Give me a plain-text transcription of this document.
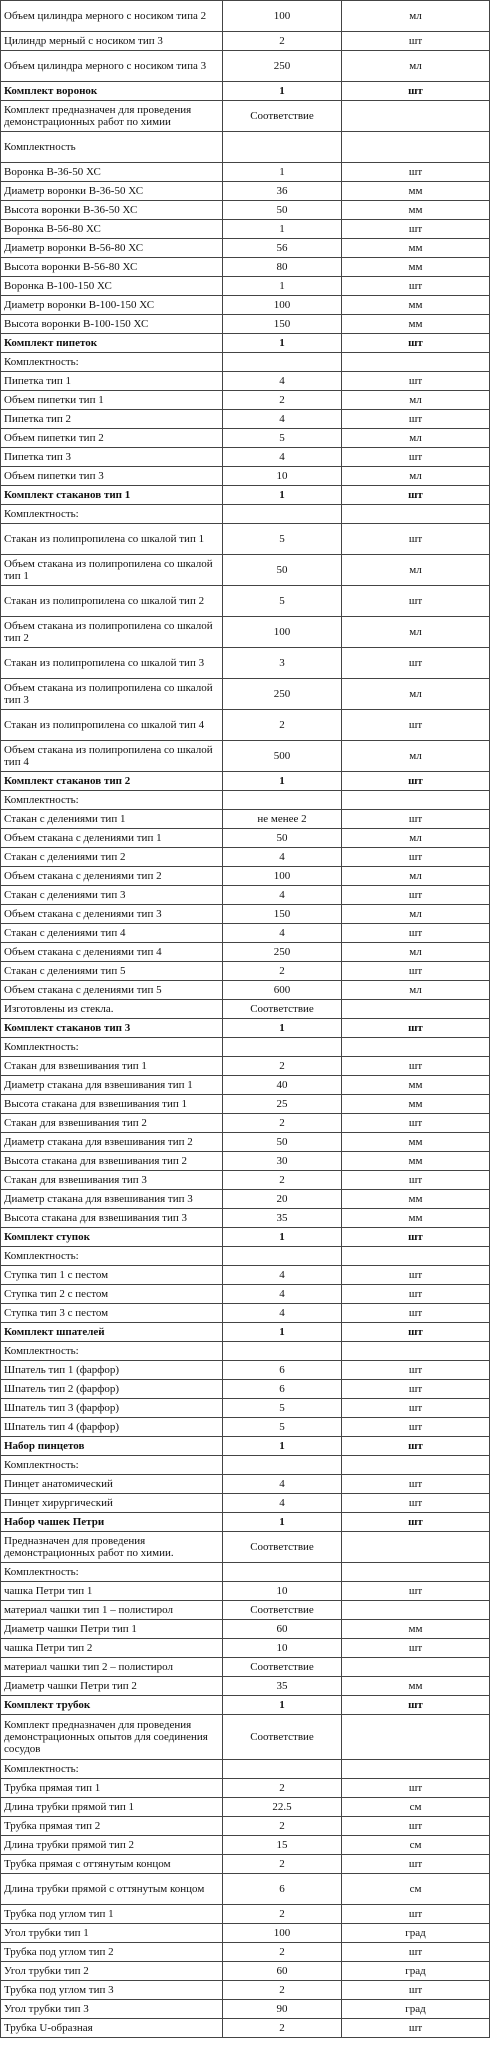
Объем цилиндра мерного с носиком типа 2	100	мл
Цилиндр мерный с носиком тип 3	2	шт
Объем цилиндра мерного с носиком типа 3	250	мл
Комплект воронок	1	шт
Комплект предназначен для проведения демонстрационных работ по химии	Соответствие	
Комплектность		
Воронка В-36-50 ХС	1	шт
Диаметр воронки В-36-50 ХС	36	мм
Высота воронки В-36-50 ХС	50	мм
Воронка В-56-80 ХС	1	шт
Диаметр воронки В-56-80 ХС	56	мм
Высота воронки В-56-80 ХС	80	мм
Воронка В-100-150 ХС	1	шт
Диаметр воронки В-100-150 ХС	100	мм
Высота воронки В-100-150 ХС	150	мм
Комплект пипеток	1	шт
Комплектность:		
Пипетка тип 1	4	шт
Объем пипетки тип 1	2	мл
Пипетка тип 2	4	шт
Объем пипетки тип 2	5	мл
Пипетка тип 3	4	шт
Объем пипетки тип 3	10	мл
Комплект стаканов тип 1	1	шт
Комплектность:		
Стакан из полипропилена со шкалой тип 1	5	шт
Объем стакана из полипропилена со шкалой тип 1	50	мл
Стакан из полипропилена со шкалой тип 2	5	шт
Объем стакана из полипропилена со шкалой тип 2	100	мл
Стакан из полипропилена со шкалой тип 3	3	шт
Объем стакана из полипропилена со шкалой тип 3	250	мл
Стакан из полипропилена со шкалой тип 4	2	шт
Объем стакана из полипропилена со шкалой тип 4	500	мл
Комплект стаканов тип 2	1	шт
Комплектность:		
Стакан с делениями тип 1	не менее 2	шт
Объем стакана с делениями тип 1	50	мл
Стакан с делениями тип 2	4	шт
Объем стакана с делениями тип 2	100	мл
Стакан с делениями тип 3	4	шт
Объем стакана с делениями тип 3	150	мл
Стакан с делениями тип 4	4	шт
Объем стакана с делениями тип 4	250	мл
Стакан с делениями тип 5	2	шт
Объем стакана с делениями тип 5	600	мл
Изготовлены из стекла.	Соответствие	
Комплект стаканов тип 3	1	шт
Комплектность:		
Стакан для взвешивания тип 1	2	шт
Диаметр стакана для взвешивания тип 1	40	мм
Высота стакана для взвешивания тип 1	25	мм
Стакан для взвешивания тип 2	2	шт
Диаметр стакана для взвешивания тип 2	50	мм
Высота стакана для взвешивания тип 2	30	мм
Стакан для взвешивания тип 3	2	шт
Диаметр стакана для взвешивания тип 3	20	мм
Высота стакана для взвешивания тип 3	35	мм
Комплект ступок	1	шт
Комплектность:		
Ступка тип 1 с пестом	4	шт
Ступка тип 2 с пестом	4	шт
Ступка тип 3 с пестом	4	шт
Комплект шпателей	1	шт
Комплектность:		
Шпатель тип 1 (фарфор)	6	шт
Шпатель тип 2 (фарфор)	6	шт
Шпатель тип 3 (фарфор)	5	шт
Шпатель тип 4 (фарфор)	5	шт
Набор пинцетов	1	шт
Комплектность:		
Пинцет анатомический	4	шт
Пинцет хирургический	4	шт
Набор чашек Петри	1	шт
Предназначен для проведения демонстрационных работ по химии.	Соответствие	
Комплектность:		
чашка Петри тип 1	10	шт
материал чашки тип 1 – полистирол	Соответствие	
Диаметр чашки Петри тип 1	60	мм
чашка Петри тип 2	10	шт
материал чашки тип 2 – полистирол	Соответствие	
Диаметр чашки Петри тип 2	35	мм
Комплект трубок	1	шт
Комплект предназначен для проведения демонстрационных опытов для соединения сосудов	Соответствие	
Комплектность:		
Трубка прямая тип 1	2	шт
Длина трубки прямой тип 1	22.5	см
Трубка прямая тип 2	2	шт
Длина трубки прямой тип 2	15	см
Трубка прямая с оттянутым концом	2	шт
Длина трубки прямой с оттянутым концом	6	см
Трубка под углом тип 1	2	шт
Угол трубки тип 1	100	град
Трубка под углом тип 2	2	шт
Угол трубки тип 2	60	град
Трубка под углом тип 3	2	шт
Угол трубки тип 3	90	град
Трубка U-образная	2	шт
